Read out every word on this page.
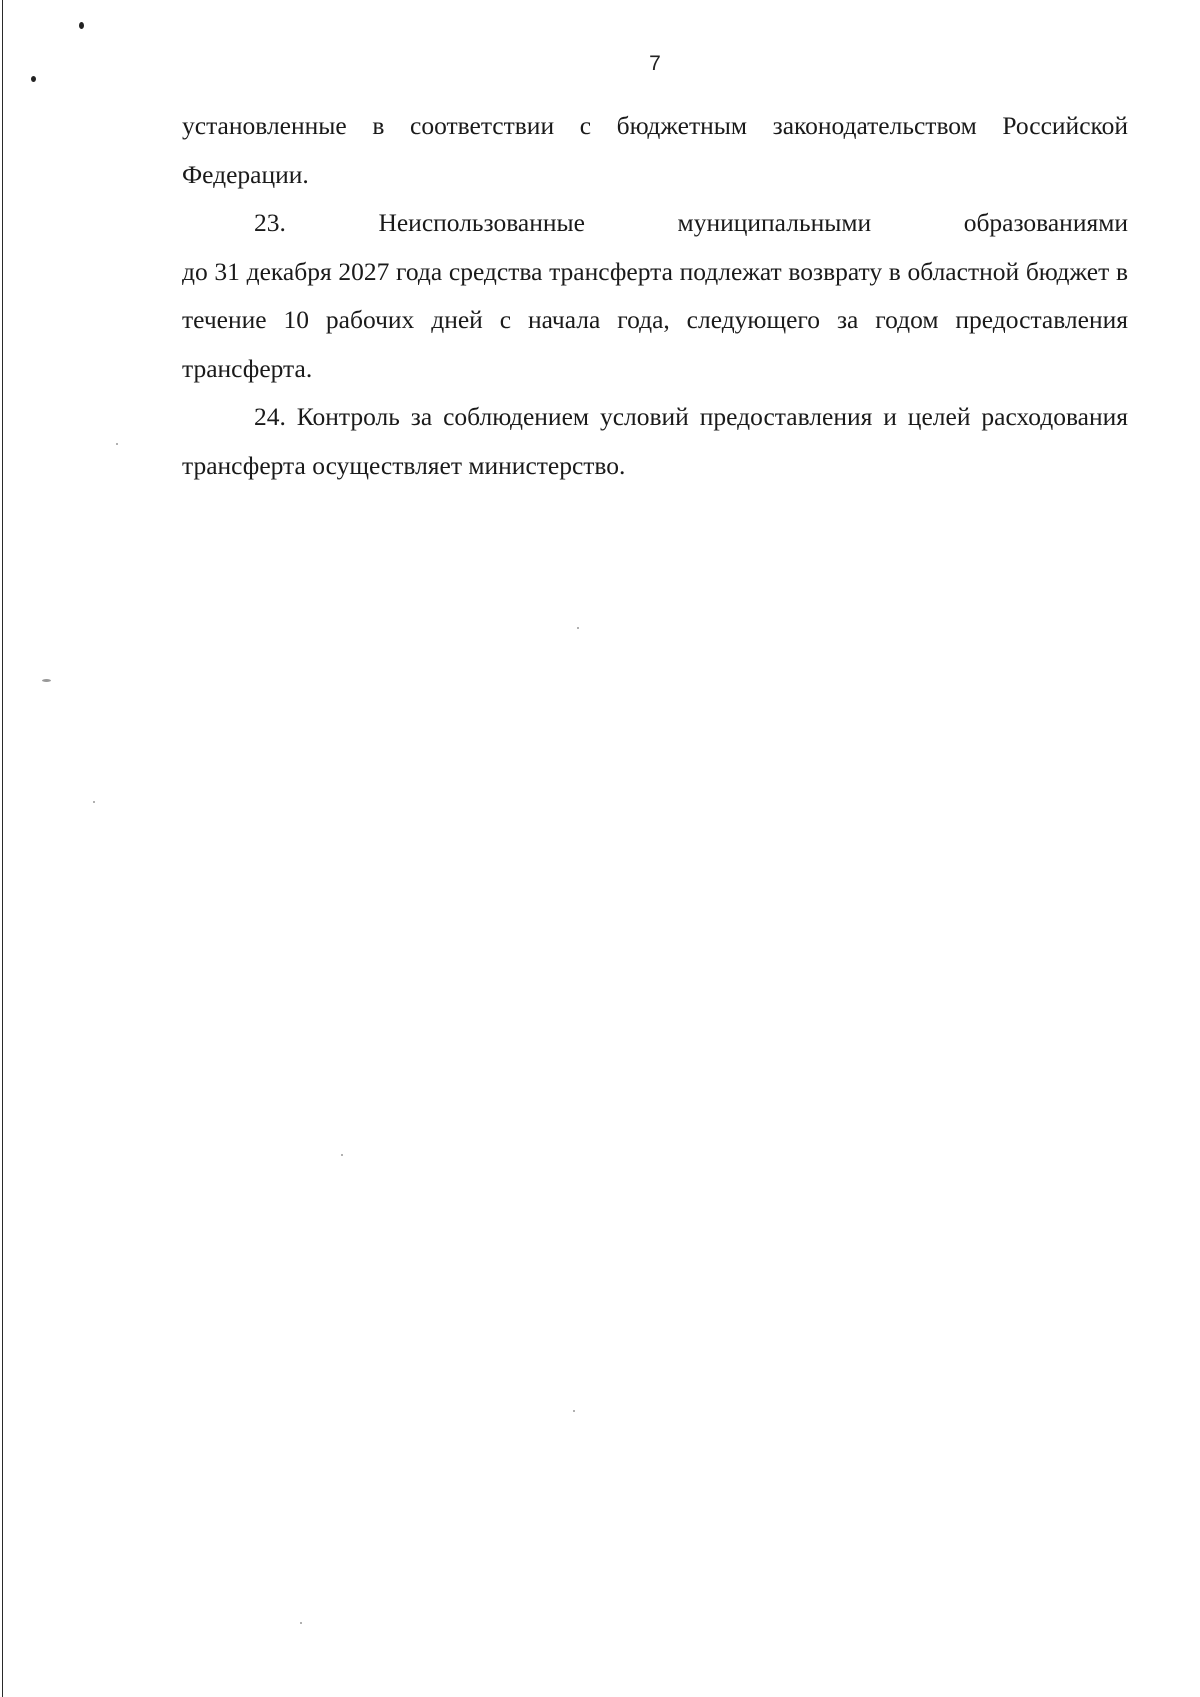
7

установленные в соответствии с бюджетным законодательством Российской Федерации.

23.	Неиспользованные муниципальными образованиями

до 31 декабря 2027 года средства трансферта подлежат возврату в областной бюджет в течение 10 рабочих дней с начала года, следующего за годом предоставления трансферта.

24. Контроль за соблюдением условий предоставления и целей расходования трансферта осуществляет министерство.
